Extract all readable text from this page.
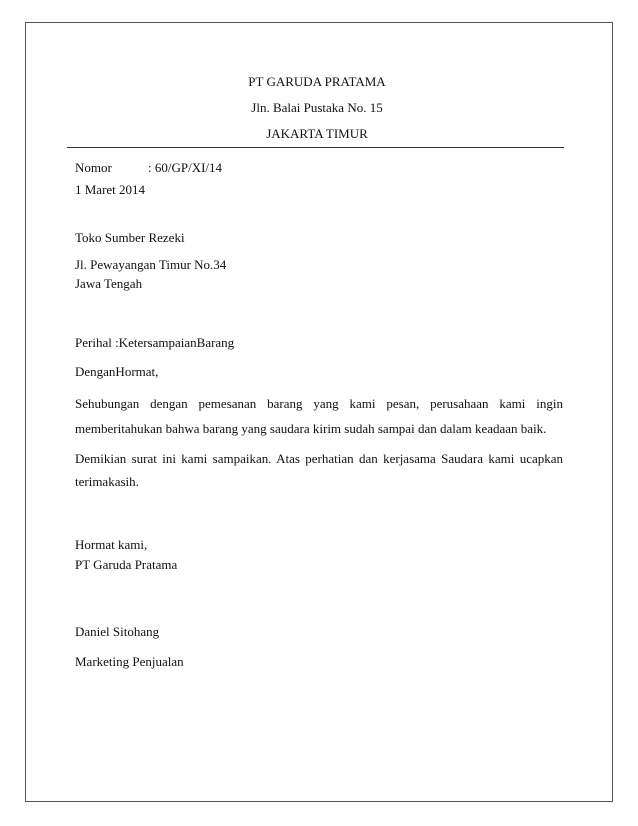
PT GARUDA PRATAMA
Jln. Balai Pustaka No. 15
JAKARTA TIMUR
Nomor	: 60/GP/XI/14
1 Maret 2014
Toko Sumber Rezeki
Jl. Pewayangan Timur No.34
Jawa Tengah
Perihal :KetersampaianBarang
DenganHormat,
Sehubungan dengan pemesanan barang yang kami pesan, perusahaan kami ingin
memberitahukan bahwa barang yang saudara kirim sudah sampai dan dalam keadaan baik.
Demikian surat ini kami sampaikan. Atas perhatian dan kerjasama Saudara kami ucapkan
terimakasih.
Hormat kami,
PT Garuda Pratama
Daniel Sitohang
Marketing Penjualan
